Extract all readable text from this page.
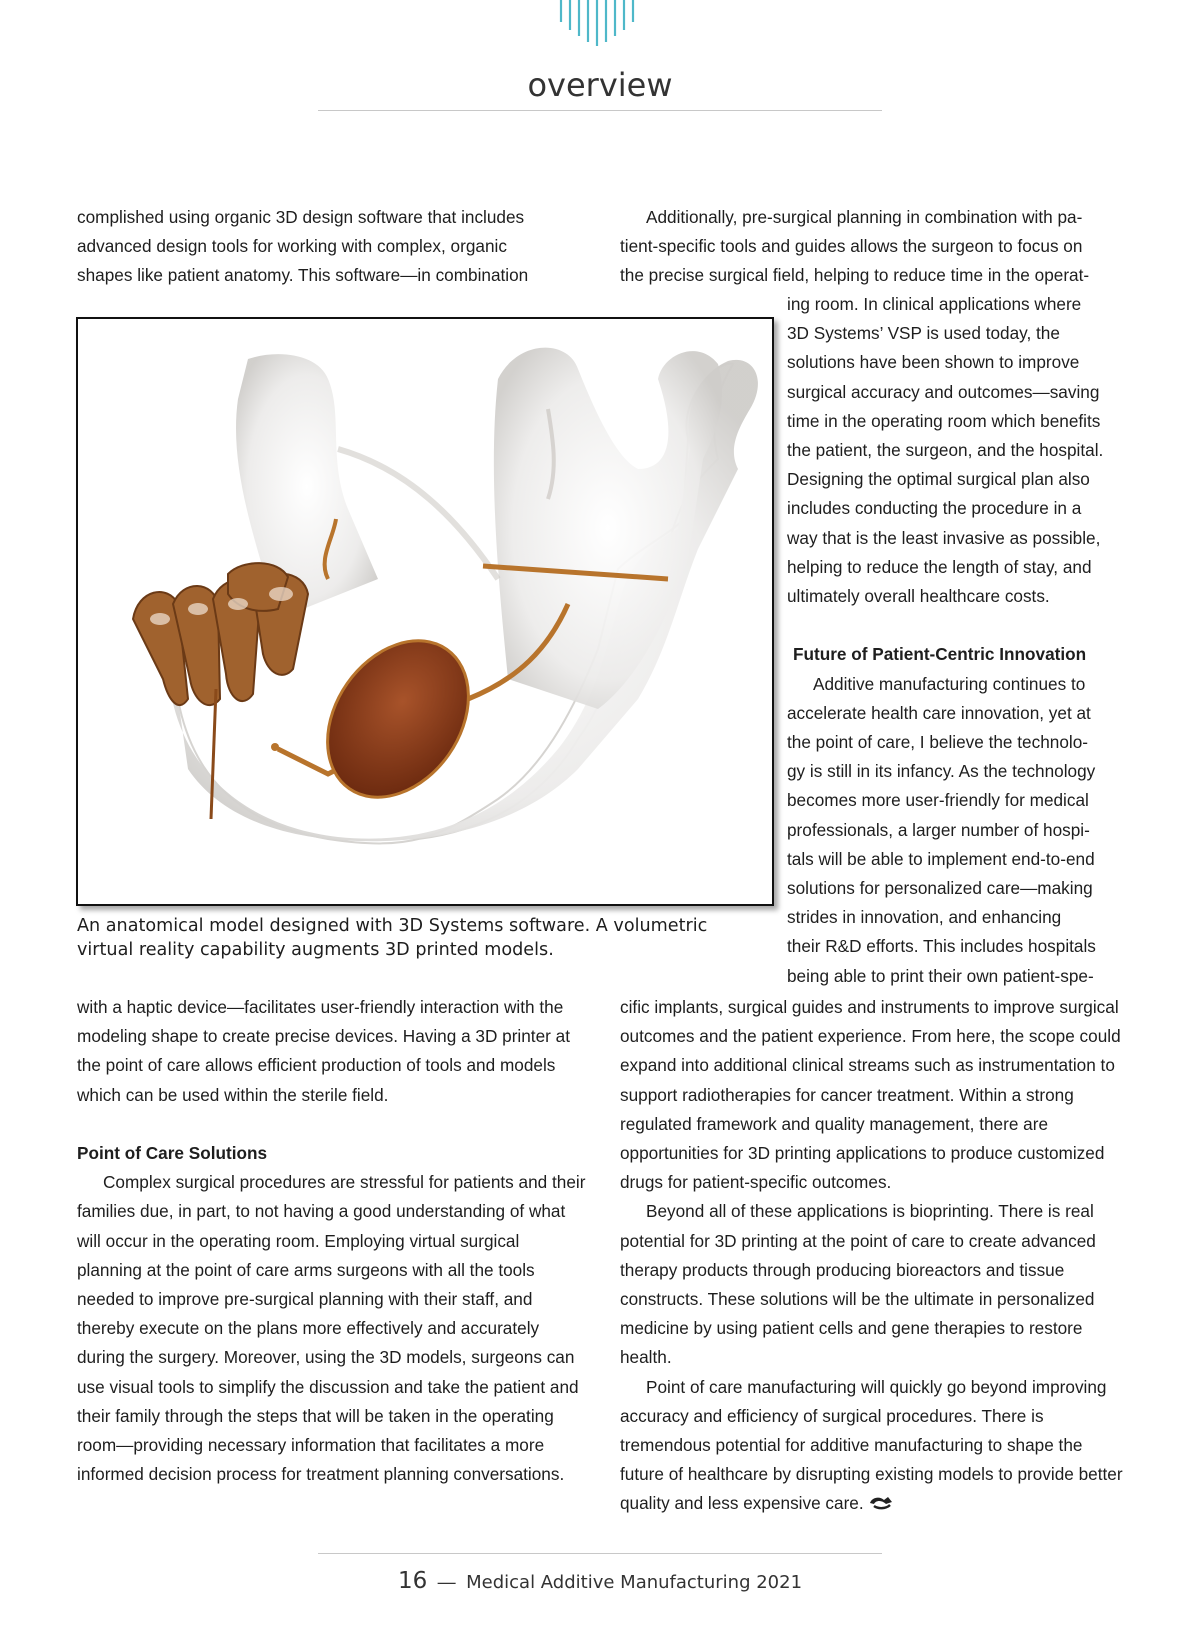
overview
complished using organic 3D design software that includes
advanced design tools for working with complex, organic
shapes like patient anatomy. This software—in combination
Additionally, pre-surgical planning in combination with pa-
tient-specific tools and guides allows the surgeon to focus on
the precise surgical field, helping to reduce time in the operat-
An anatomical model designed with 3D Systems software. A volumetric virtual reality capability augments 3D printed models.
ing room. In clinical applications where
3D Systems’ VSP is used today, the
solutions have been shown to improve
surgical accuracy and outcomes—saving
time in the operating room which benefits
the patient, the surgeon, and the hospital.
Designing the optimal surgical plan also
includes conducting the procedure in a
way that is the least invasive as possible,
helping to reduce the length of stay, and
ultimately overall healthcare costs.
Future of Patient-Centric Innovation
Additive manufacturing continues to
accelerate health care innovation, yet at
the point of care, I believe the technolo-
gy is still in its infancy. As the technology
becomes more user-friendly for medical
professionals, a larger number of hospi-
tals will be able to implement end-to-end
solutions for personalized care—making
strides in innovation, and enhancing
their R&D efforts. This includes hospitals
being able to print their own patient-spe-

with a haptic device—facilitates user-friendly interaction with the modeling shape to create precise devices. Having a 3D printer at the point of care allows efficient production of tools and models which can be used within the sterile field.

Point of Care Solutions

Complex surgical procedures are stressful for patients and their families due, in part, to not having a good understanding of what will occur in the operating room. Employing virtual surgical planning at the point of care arms surgeons with all the tools needed to improve pre-surgical planning with their staff, and thereby execute on the plans more effectively and accurately during the surgery. Moreover, using the 3D models, surgeons can use visual tools to simplify the discussion and take the patient and their family through the steps that will be taken in the operating room—providing necessary information that facilitates a more informed decision process for treatment planning conversations.

cific implants, surgical guides and instruments to improve surgical outcomes and the patient experience. From here, the scope could expand into additional clinical streams such as instrumentation to support radiotherapies for cancer treatment. Within a strong regulated framework and quality management, there are opportunities for 3D printing applications to produce customized drugs for patient-specific outcomes.

Beyond all of these applications is bioprinting. There is real potential for 3D printing at the point of care to create advanced therapy products through producing bioreactors and tissue constructs. These solutions will be the ultimate in personalized medicine by using patient cells and gene therapies to restore health.

Point of care manufacturing will quickly go beyond improving accuracy and efficiency of surgical procedures. There is tremendous potential for additive manufacturing to shape the future of healthcare by disrupting existing models to provide better quality and less expensive care.

16 — Medical Additive Manufacturing 2021
